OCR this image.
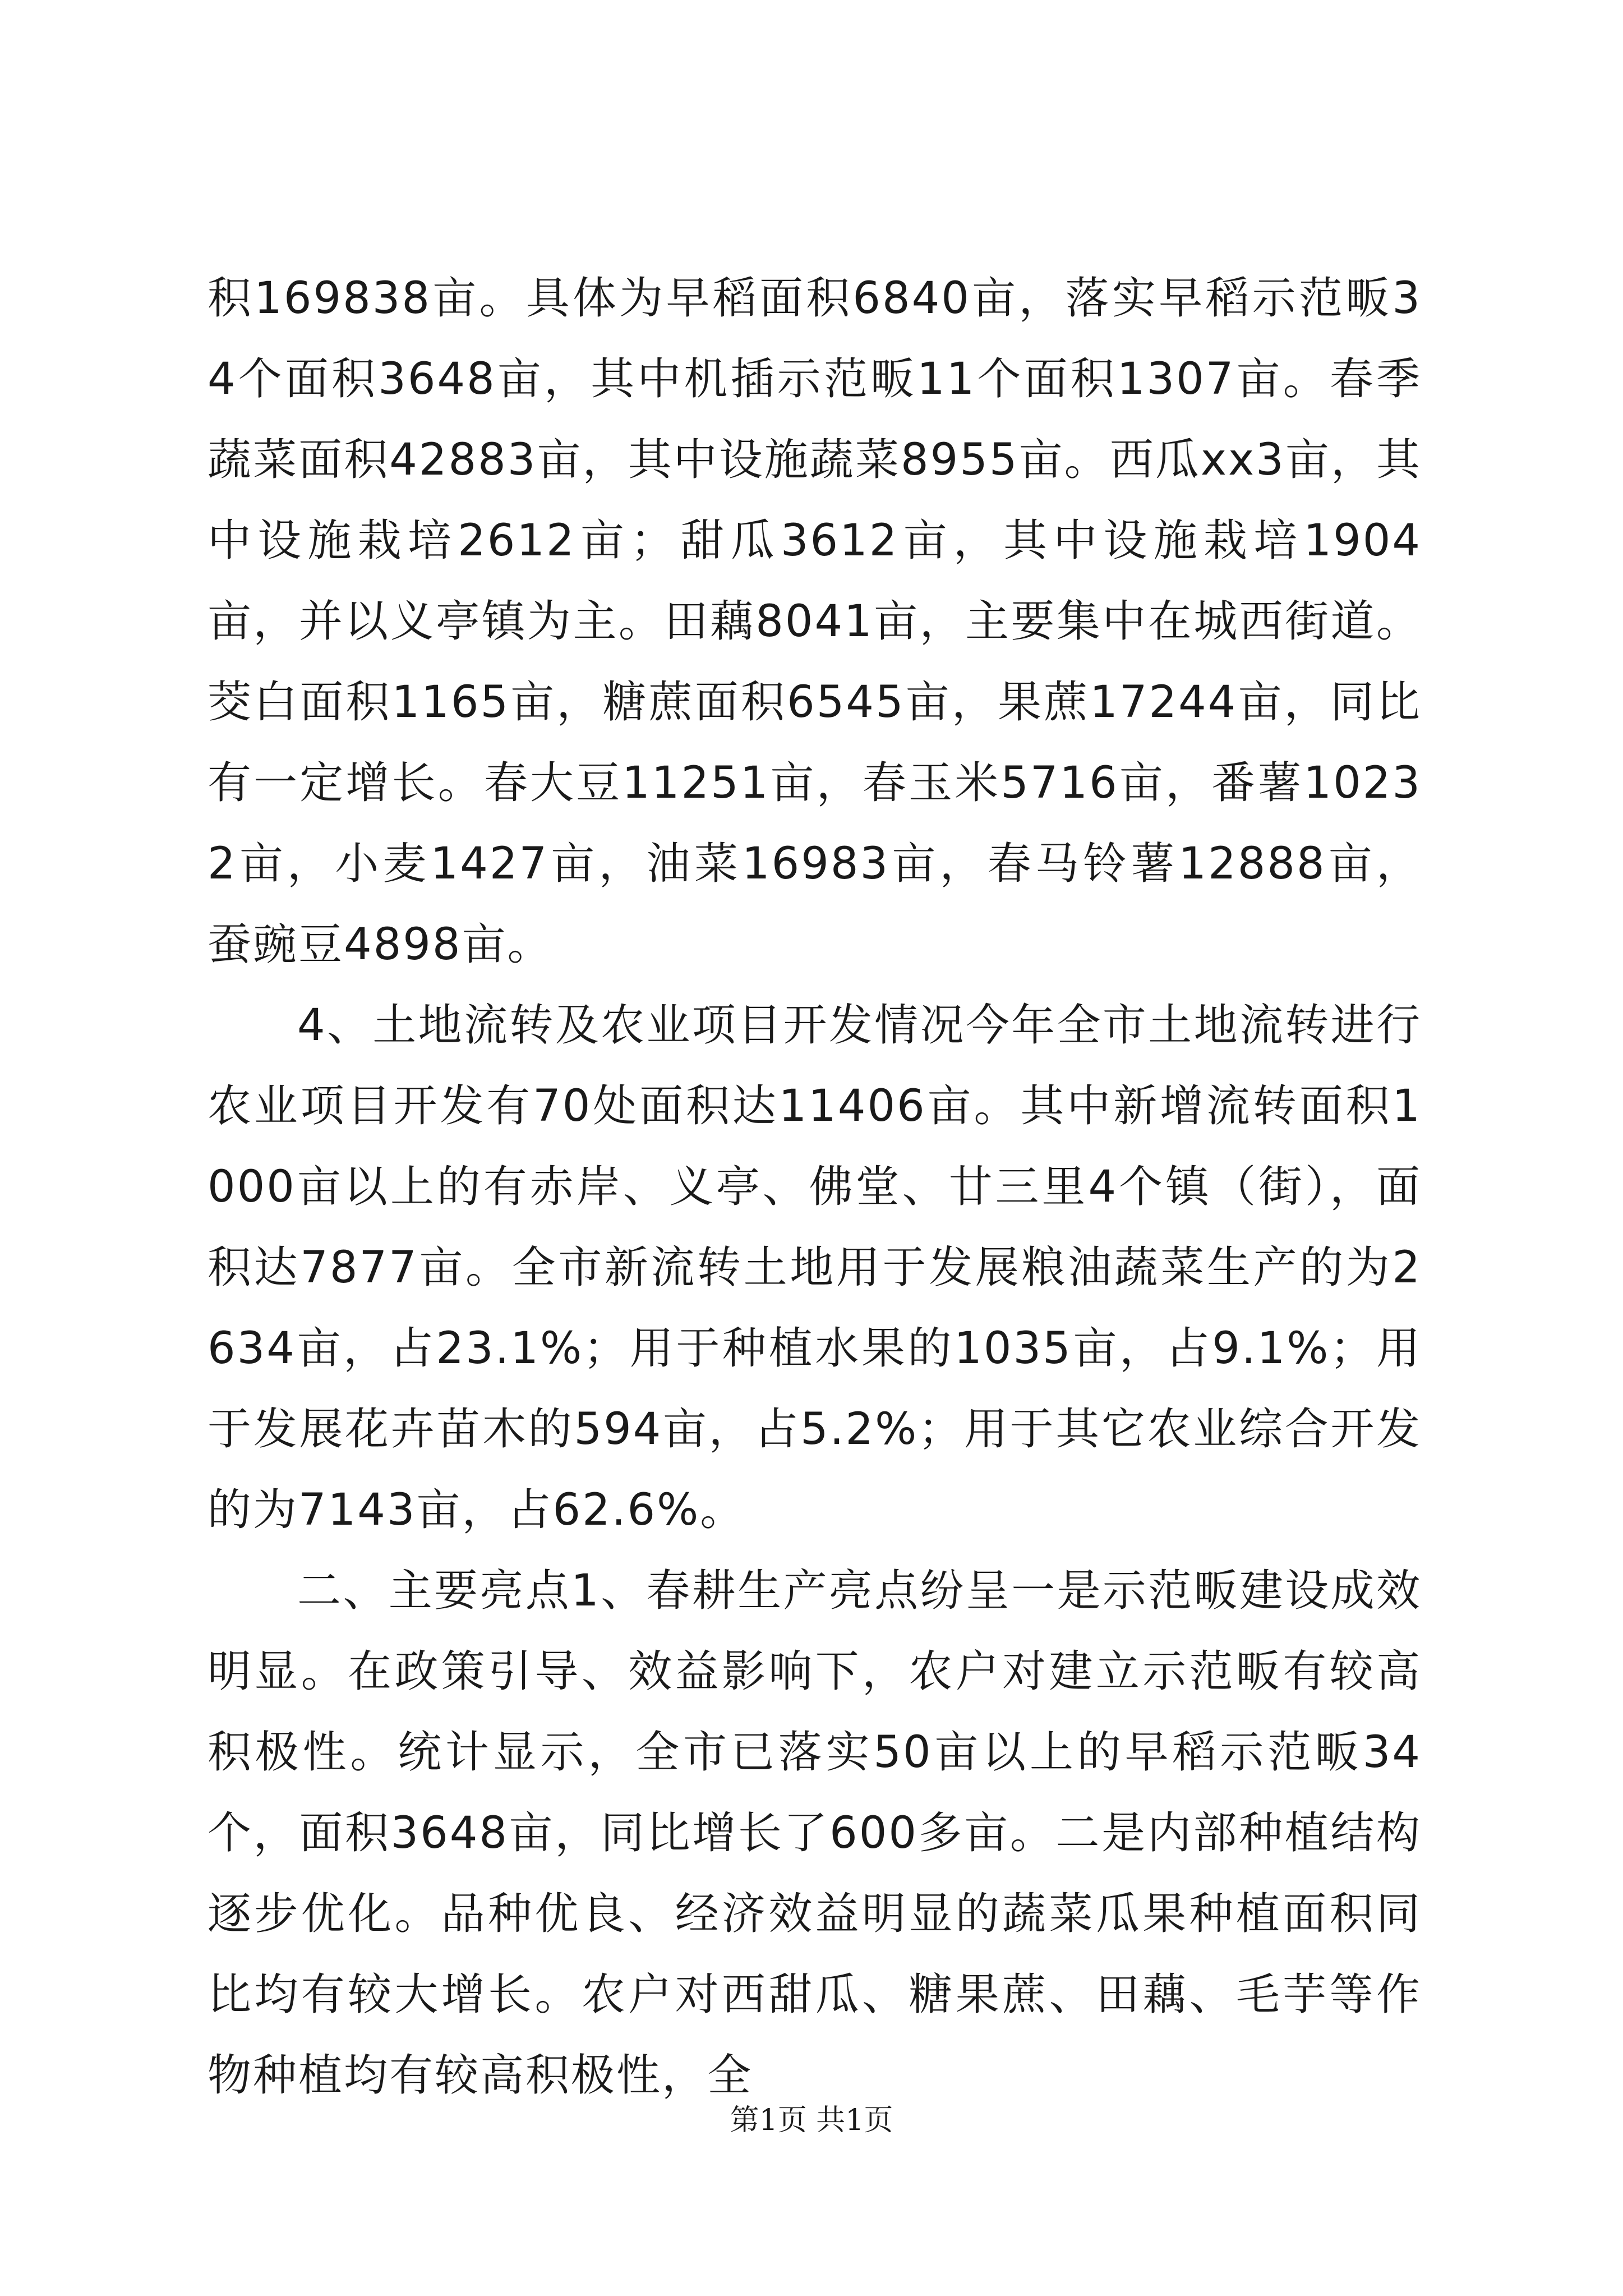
积169838亩。具体为早稻面积6840亩，落实早稻示范畈34个面积3648亩，其中机插示范畈11个面积1307亩。春季蔬菜面积42883亩，其中设施蔬菜8955亩。西瓜xx3亩，其中设施栽培2612亩；甜瓜3612亩，其中设施栽培1904亩，并以义亭镇为主。田藕8041亩，主要集中在城西街道。茭白面积1165亩，糖蔗面积6545亩，果蔗17244亩，同比有一定增长。春大豆11251亩，春玉米5716亩，番薯10232亩，小麦1427亩，油菜16983亩，春马铃薯12888亩，蚕豌豆4898亩。

4、土地流转及农业项目开发情况今年全市土地流转进行农业项目开发有70处面积达11406亩。其中新增流转面积1000亩以上的有赤岸、义亭、佛堂、廿三里4个镇（街），面积达7877亩。全市新流转土地用于发展粮油蔬菜生产的为2634亩，占23.1%；用于种植水果的1035亩，占9.1%；用于发展花卉苗木的594亩，占5.2%；用于其它农业综合开发的为7143亩，占62.6%。

二、主要亮点1、春耕生产亮点纷呈一是示范畈建设成效明显。在政策引导、效益影响下，农户对建立示范畈有较高积极性。统计显示，全市已落实50亩以上的早稻示范畈34个，面积3648亩，同比增长了600多亩。二是内部种植结构逐步优化。品种优良、经济效益明显的蔬菜瓜果种植面积同比均有较大增长。农户对西甜瓜、糖果蔗、田藕、毛芋等作物种植均有较高积极性，全

第1页 共1页
